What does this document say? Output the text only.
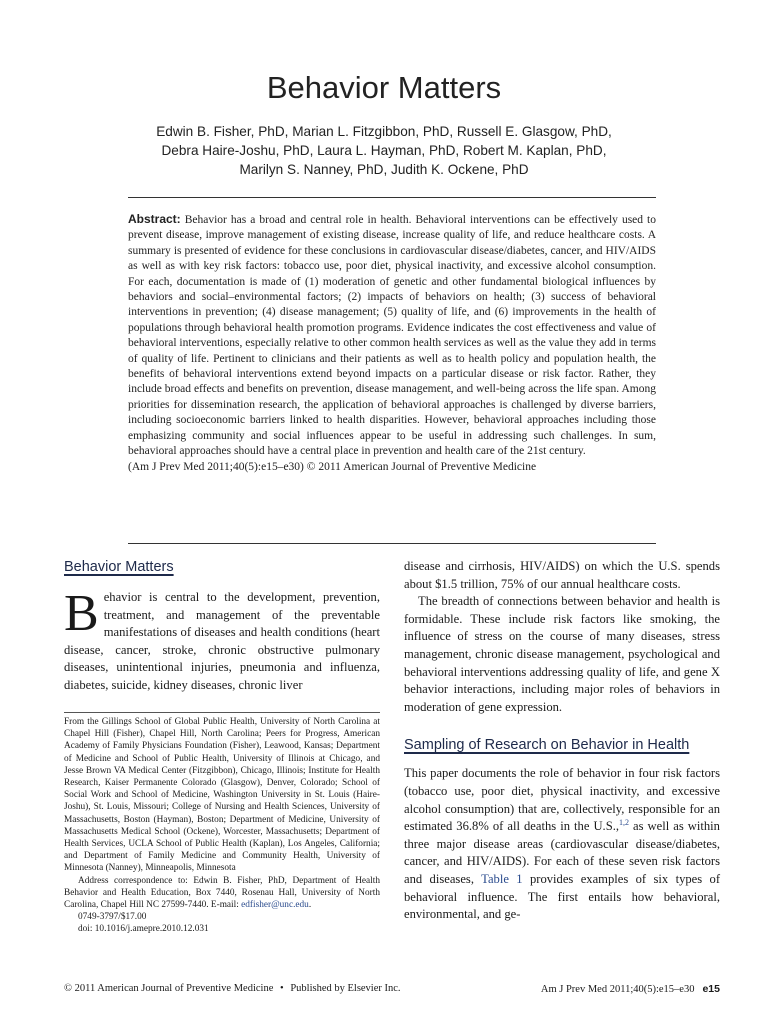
Behavior Matters
Edwin B. Fisher, PhD, Marian L. Fitzgibbon, PhD, Russell E. Glasgow, PhD,
Debra Haire-Joshu, PhD, Laura L. Hayman, PhD, Robert M. Kaplan, PhD,
Marilyn S. Nanney, PhD, Judith K. Ockene, PhD
Abstract: Behavior has a broad and central role in health. Behavioral interventions can be effectively used to prevent disease, improve management of existing disease, increase quality of life, and reduce healthcare costs. A summary is presented of evidence for these conclusions in cardiovascular disease/diabetes, cancer, and HIV/AIDS as well as with key risk factors: tobacco use, poor diet, physical inactivity, and excessive alcohol consumption. For each, documentation is made of (1) moderation of genetic and other fundamental biological influences by behaviors and social–environmental factors; (2) impacts of behaviors on health; (3) success of behavioral interventions in prevention; (4) disease management; (5) quality of life, and (6) improvements in the health of populations through behavioral health promotion programs. Evidence indicates the cost effectiveness and value of behavioral interventions, especially relative to other common health services as well as the value they add in terms of quality of life. Pertinent to clinicians and their patients as well as to health policy and population health, the benefits of behavioral interventions extend beyond impacts on a particular disease or risk factor. Rather, they include broad effects and benefits on prevention, disease management, and well-being across the life span. Among priorities for dissemination research, the application of behavioral approaches is challenged by diverse barriers, including socioeconomic barriers linked to health disparities. However, behavioral approaches including those emphasizing community and social influences appear to be useful in addressing such challenges. In sum, behavioral approaches should have a central place in prevention and health care of the 21st century.
(Am J Prev Med 2011;40(5):e15–e30) © 2011 American Journal of Preventive Medicine
Behavior Matters

Behavior is central to the development, prevention, treatment, and management of the preventable manifestations of diseases and health conditions (heart disease, cancer, stroke, chronic obstructive pulmonary diseases, unintentional injuries, pneumonia and influenza, diabetes, suicide, kidney diseases, chronic liver

From the Gillings School of Global Public Health, University of North Carolina at Chapel Hill (Fisher), Chapel Hill, North Carolina; Peers for Progress, American Academy of Family Physicians Foundation (Fisher), Leawood, Kansas; Department of Medicine and School of Public Health, University of Illinois at Chicago, and Jesse Brown VA Medical Center (Fitzgibbon), Chicago, Illinois; Institute for Health Research, Kaiser Permanente Colorado (Glasgow), Denver, Colorado; School of Social Work and School of Medicine, Washington University in St. Louis (Haire-Joshu), St. Louis, Missouri; College of Nursing and Health Sciences, University of Massachusetts, Boston (Hayman), Boston; Department of Medicine, University of Massachusetts Medical School (Ockene), Worcester, Massachusetts; Department of Health Services, UCLA School of Public Health (Kaplan), Los Angeles, California; and Department of Family Medicine and Community Health, University of Minnesota (Nanney), Minneapolis, Minnesota

Address correspondence to: Edwin B. Fisher, PhD, Department of Health Behavior and Health Education, Box 7440, Rosenau Hall, University of North Carolina, Chapel Hill NC 27599-7440. E-mail: edfisher@unc.edu.

0749-3797/$17.00

doi: 10.1016/j.amepre.2010.12.031

disease and cirrhosis, HIV/AIDS) on which the U.S. spends about $1.5 trillion, 75% of our annual healthcare costs.

The breadth of connections between behavior and health is formidable. These include risk factors like smoking, the influence of stress on the course of many diseases, stress management, chronic disease management, psychological and behavioral interventions addressing quality of life, and gene X behavior interactions, including major roles of behaviors in moderation of gene expression.

Sampling of Research on Behavior in Health

This paper documents the role of behavior in four risk factors (tobacco use, poor diet, physical inactivity, and excessive alcohol consumption) that are, collectively, responsible for an estimated 36.8% of all deaths in the U.S.,$^{1,2}$ as well as within three major disease areas (cardiovascular disease/diabetes, cancer, and HIV/AIDS). For each of these seven risk factors and diseases, Table 1 provides examples of six types of behavioral influence. The first entails how behavioral, environmental, and ge-

© 2011 American Journal of Preventive Medicine • Published by Elsevier Inc.	Am J Prev Med 2011;40(5):e15–e30 e15
